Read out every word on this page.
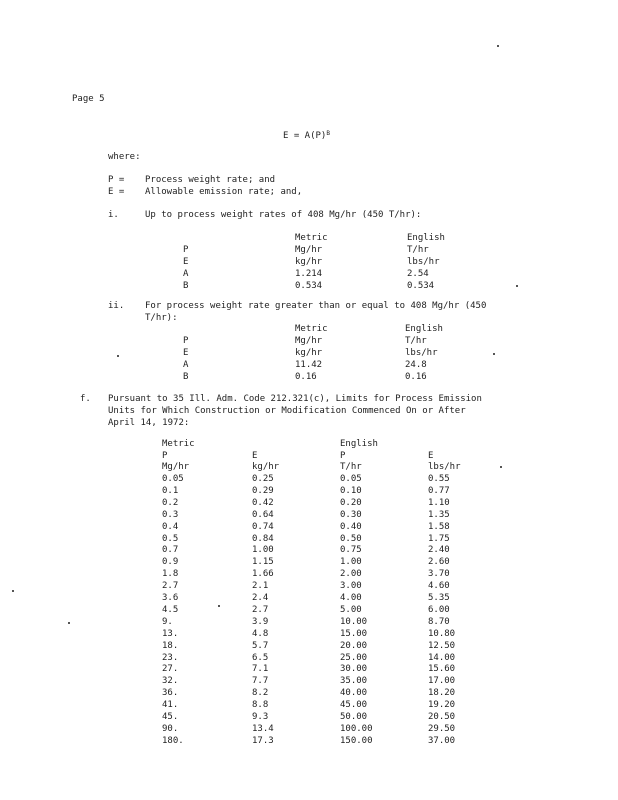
Page 5
$E = A(P)^B$
where:
P = Process weight rate; and
E = Allowable emission rate; and,
i.	Up to process weight rates of 408 Mg/hr (450 T/hr):
Metric	English
P	Mg/hr	T/hr
E	kg/hr	lbs/hr
A	1.214	2.54
B	0.534	0.534
ii. For process weight rate greater than or equal to 408 Mg/hr (450
T/hr):
Metric	English
P	Mg/hr	T/hr
E	kg/hr	lbs/hr
A	11.42	24.8
B	0.16	0.16
f. Pursuant to 35 Ill. Adm. Code 212.321(c), Limits for Process Emission
Units for Which Construction or Modification Commenced On or After
April 14, 1972:
Metric	English
P	E	P	E
Mg/hr	kg/hr	T/hr	lbs/hr
0.05	0.25	0.05	0.55
0.1	0.29	0.10	0.77
0.2	0.42	0.20	1.10
0.3	0.64	0.30	1.35
0.4	0.74	0.40	1.58
0.5	0.84	0.50	1.75
0.7	1.00	0.75	2.40
0.9	1.15	1.00	2.60
1.8	1.66	2.00	3.70
2.7	2.1	3.00	4.60
3.6	2.4	4.00	5.35
4.5	2.7	5.00	6.00
9.	3.9	10.00	8.70
13.	4.8	15.00	10.80
18.	5.7	20.00	12.50
23.	6.5	25.00	14.00
27.	7.1	30.00	15.60
32.	7.7	35.00	17.00
36.	8.2	40.00	18.20
41.	8.8	45.00	19.20
45.	9.3	50.00	20.50
90.	13.4	100.00	29.50
180.	17.3	150.00	37.00
